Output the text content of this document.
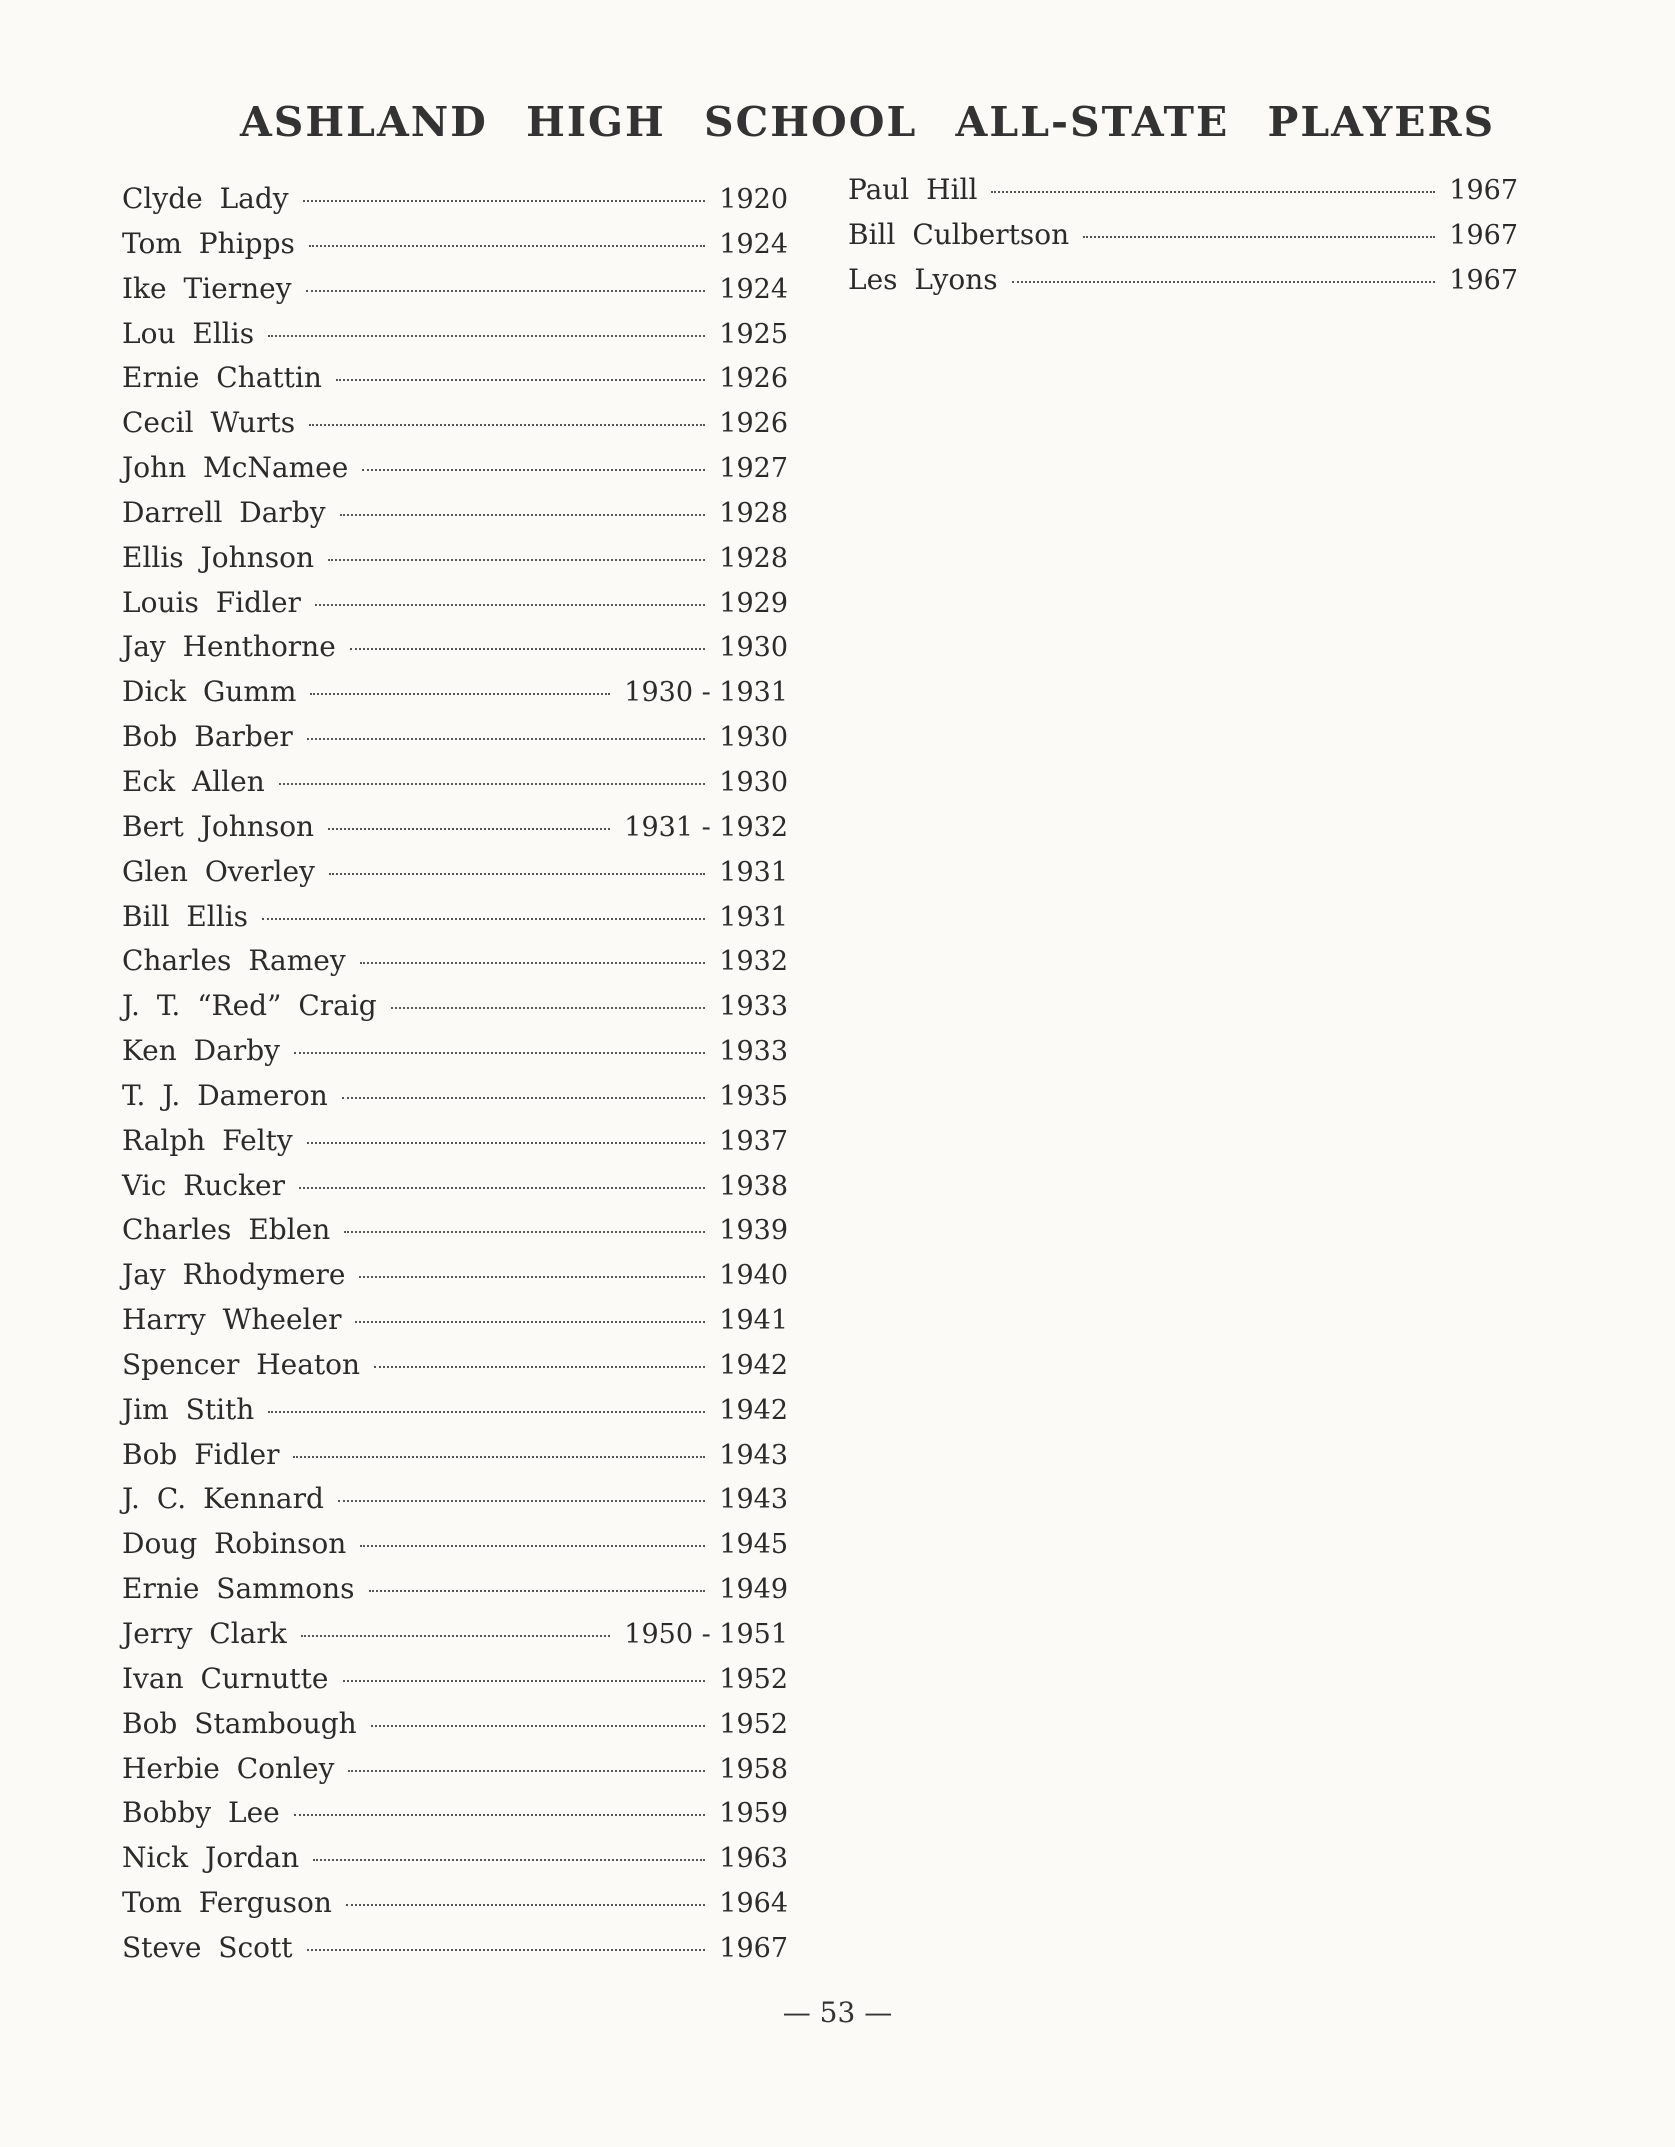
ASHLAND HIGH SCHOOL ALL-STATE PLAYERS
Clyde Lady	1920
Tom Phipps	1924
Ike Tierney	1924
Lou Ellis	1925
Ernie Chattin	1926
Cecil Wurts	1926
John McNamee	1927
Darrell Darby	1928
Ellis Johnson	1928
Louis Fidler	1929
Jay Henthorne	1930
Dick Gumm	1930 - 1931
Bob Barber	1930
Eck Allen	1930
Bert Johnson	1931 - 1932
Glen Overley	1931
Bill Ellis	1931
Charles Ramey	1932
J. T. “Red” Craig	1933
Ken Darby	1933
T. J. Dameron	1935
Ralph Felty	1937
Vic Rucker	1938
Charles Eblen	1939
Jay Rhodymere	1940
Harry Wheeler	1941
Spencer Heaton	1942
Jim Stith	1942
Bob Fidler	1943
J. C. Kennard	1943
Doug Robinson	1945
Ernie Sammons	1949
Jerry Clark	1950 - 1951
Ivan Curnutte	1952
Bob Stambough	1952
Herbie Conley	1958
Bobby Lee	1959
Nick Jordan	1963
Tom Ferguson	1964
Steve Scott	1967
Paul Hill	1967
Bill Culbertson	1967
Les Lyons	1967
— 53 —
